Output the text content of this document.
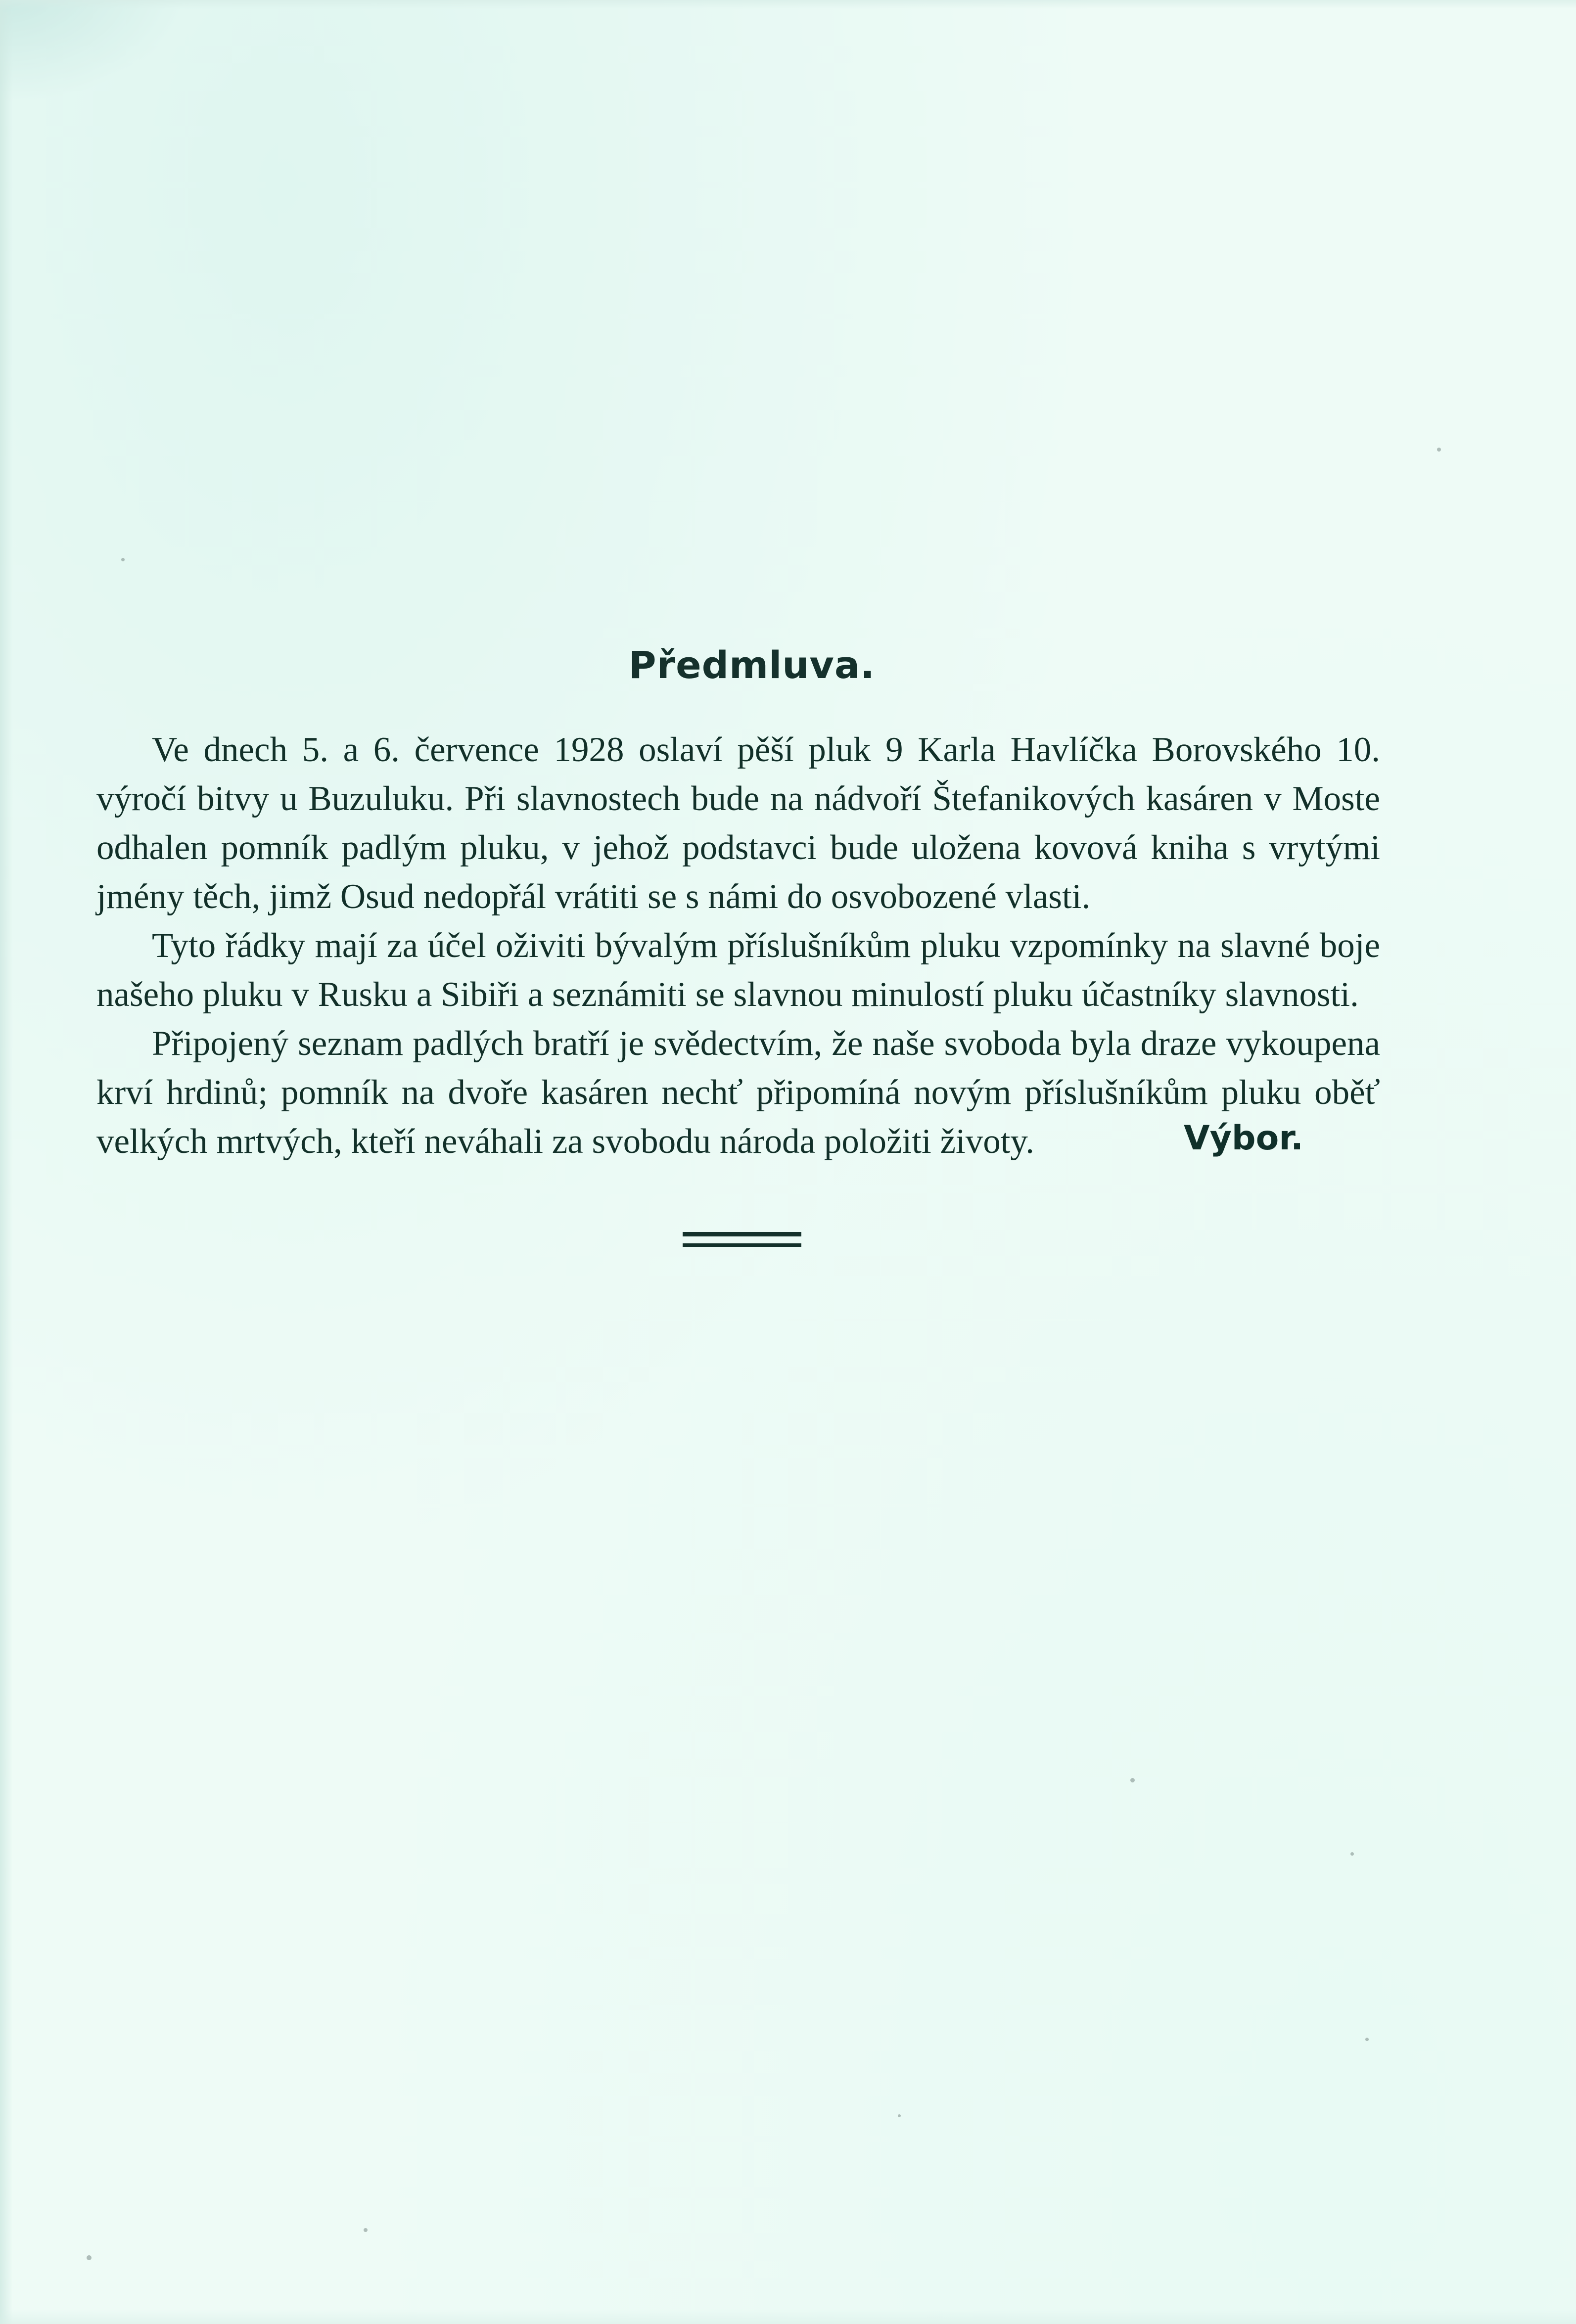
Předmluva.

Ve dnech 5. a 6. července 1928 oslaví pěší pluk 9 Karla Havlíčka Borovského 10. výročí bitvy u Buzuluku. Při slavnostech bude na nádvoří Štefanikových kasáren v Moste odhalen pomník padlým pluku, v jehož podstavci bude uložena kovová kniha s vrytými jmény těch, jimž Osud nedopřál vrátiti se s námi do osvobozené vlasti.

Tyto řádky mají za účel oživiti bývalým příslušníkům pluku vzpomínky na slavné boje našeho pluku v Rusku a Sibiři a seznámiti se slavnou minulostí pluku účastníky slavnosti.

Připojený seznam padlých bratří je svědectvím, že naše svoboda byla draze vykoupena krví hrdinů; pomník na dvoře kasáren nechť připomíná novým příslušníkům pluku oběť velkých mrtvých, kteří neváhali za svobodu národa položiti životy.	Výbor.
